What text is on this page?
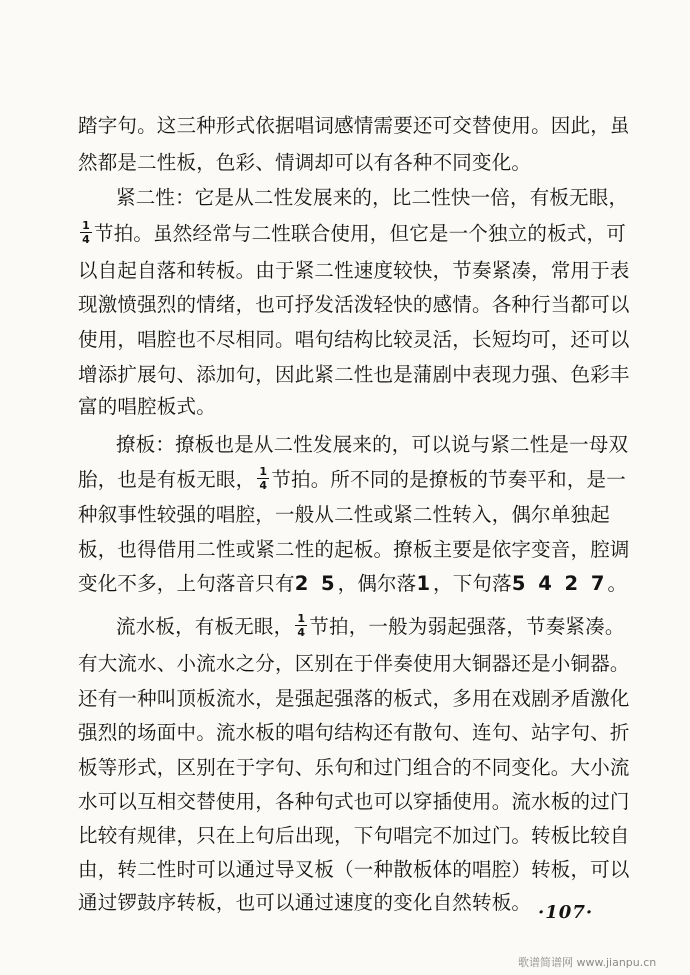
踏字句。这三种形式依据唱词感情需要还可交替使用。因此，虽
然都是二性板，色彩、情调却可以有各种不同变化。
紧二性：它是从二性发展来的，比二性快一倍，有板无眼，
$\frac{1}{4}$ 节拍。虽然经常与二性联合使用，但它是一个独立的板式，可
以自起自落和转板。由于紧二性速度较快，节奏紧凑，常用于表
现激愤强烈的情绪，也可抒发活泼轻快的感情。各种行当都可以
使用，唱腔也不尽相同。唱句结构比较灵活，长短均可，还可以
增添扩展句、添加句，因此紧二性也是蒲剧中表现力强、色彩丰
富的唱腔板式。
撩板：撩板也是从二性发展来的，可以说与紧二性是一母双
胎，也是有板无眼， $\frac{1}{4}$ 节拍。所不同的是撩板的节奏平和，是一
种叙事性较强的唱腔，一般从二性或紧二性转入，偶尔单独起
板，也得借用二性或紧二性的起板。撩板主要是依字变音，腔调
变化不多，上句落音只有2 5，偶尔落1，下句落5 4 2 7。
流水板，有板无眼， $\frac{1}{4}$ 节拍，一般为弱起强落，节奏紧凑。
有大流水、小流水之分，区别在于伴奏使用大铜器还是小铜器。
还有一种叫顶板流水，是强起强落的板式，多用在戏剧矛盾激化
强烈的场面中。流水板的唱句结构还有散句、连句、站字句、折
板等形式，区别在于字句、乐句和过门组合的不同变化。大小流
水可以互相交替使用，各种句式也可以穿插使用。流水板的过门
比较有规律，只在上句后出现，下句唱完不加过门。转板比较自
由，转二性时可以通过导叉板（一种散板体的唱腔）转板，可以
通过锣鼓序转板，也可以通过速度的变化自然转板。 ·107·
歌谱简谱网 www.jianpu.cn
